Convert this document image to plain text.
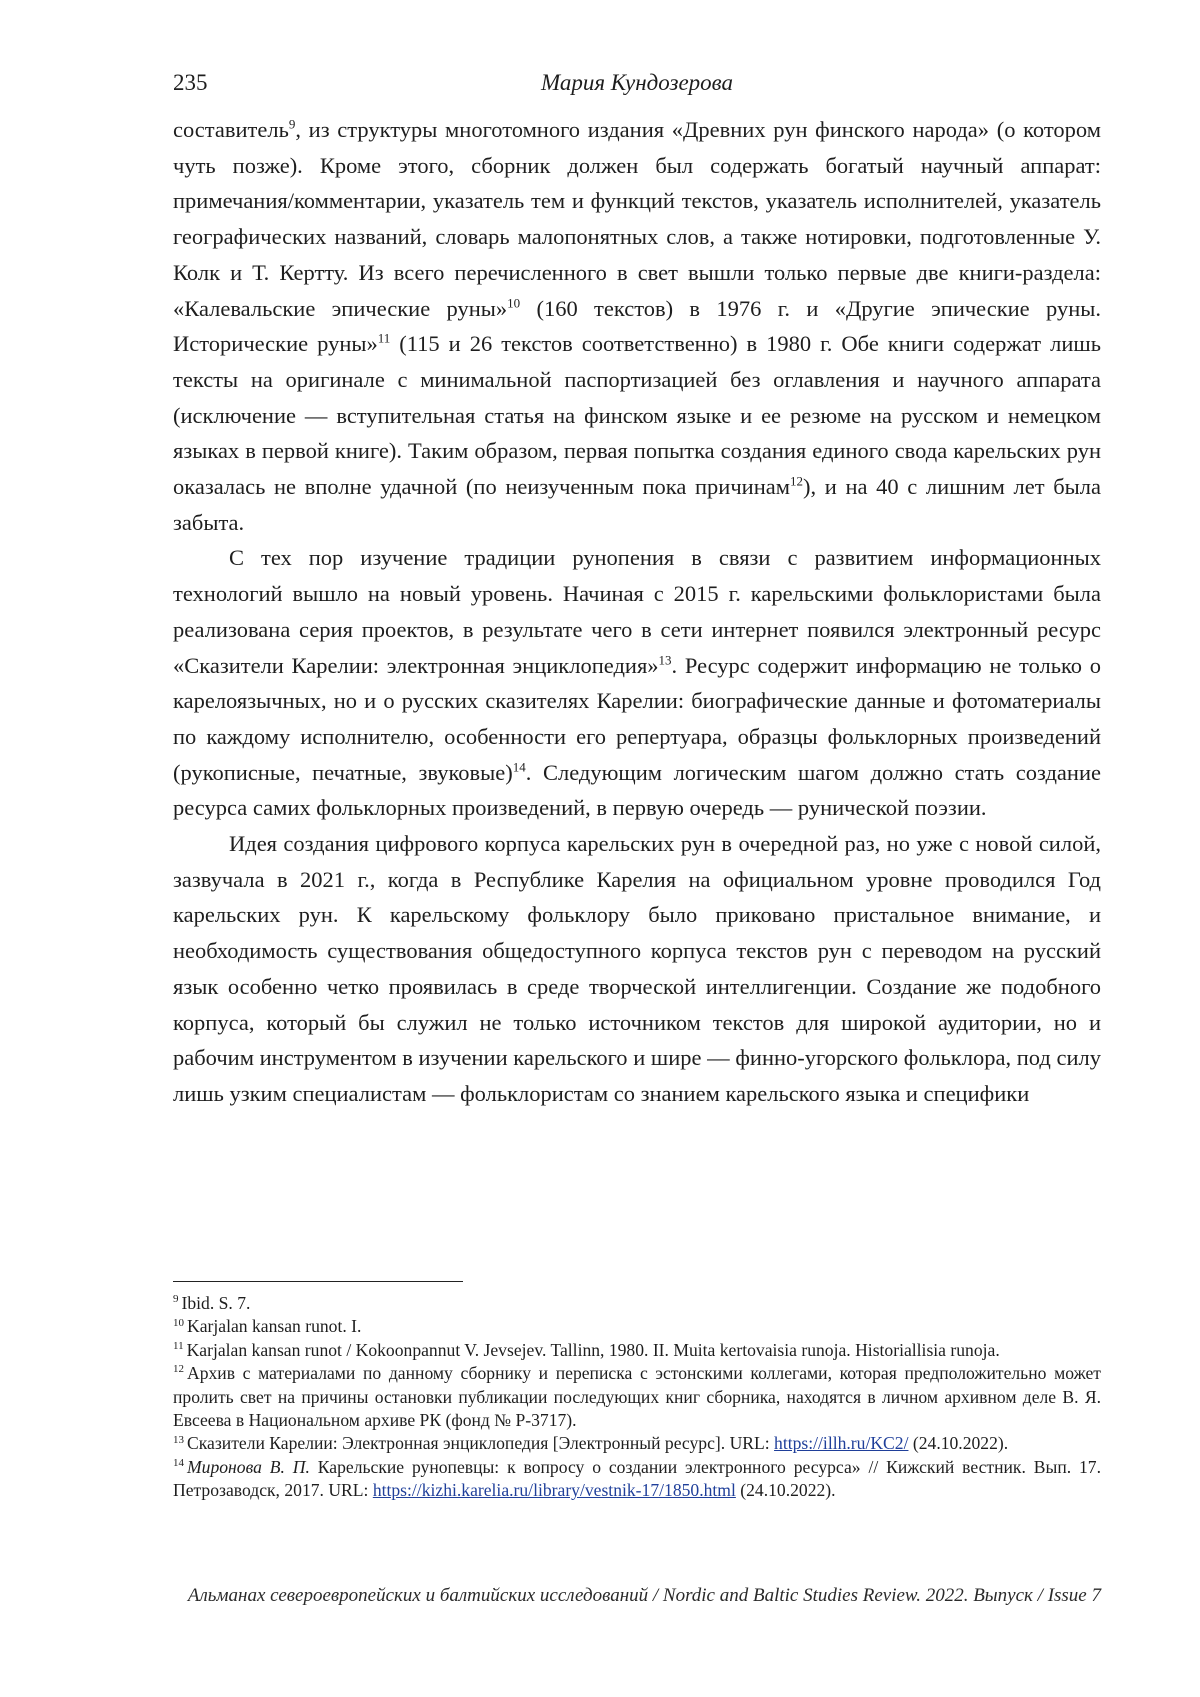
235	Мария Кундозерова

составитель$^9$, из структуры многотомного издания «Древних рун финского народа» (о котором чуть позже). Кроме этого, сборник должен был содержать богатый научный аппарат: примечания/комментарии, указатель тем и функций текстов, указатель исполнителей, указатель географических названий, словарь малопонятных слов, а также нотировки, подготовленные У. Колк и Т. Кертту. Из всего перечисленного в свет вышли только первые две книги-раздела: «Калевальские эпические руны»$^{10}$ (160 текстов) в 1976 г. и «Другие эпические руны. Исторические руны»$^{11}$ (115 и 26 текстов соответственно) в 1980 г. Обе книги содержат лишь тексты на оригинале с минимальной паспортизацией без оглавления и научного аппарата (исключение — вступительная статья на финском языке и ее резюме на русском и немецком языках в первой книге). Таким образом, первая попытка создания единого свода карельских рун оказалась не вполне удачной (по неизученным пока причинам$^{12}$), и на 40 с лишним лет была забыта.

С тех пор изучение традиции рунопения в связи с развитием информационных технологий вышло на новый уровень. Начиная с 2015 г. карельскими фольклористами была реализована серия проектов, в результате чего в сети интернет появился электронный ресурс «Сказители Карелии: электронная энциклопедия»$^{13}$. Ресурс содержит информацию не только о карелоязычных, но и о русских сказителях Карелии: биографические данные и фотоматериалы по каждому исполнителю, особенности его репертуара, образцы фольклорных произведений (рукописные, печатные, звуковые)$^{14}$. Следующим логическим шагом должно стать создание ресурса самих фольклорных произведений, в первую очередь — рунической поэзии.

Идея создания цифрового корпуса карельских рун в очередной раз, но уже с новой силой, зазвучала в 2021 г., когда в Республике Карелия на официальном уровне проводился Год карельских рун. К карельскому фольклору было приковано пристальное внимание, и необходимость существования общедоступного корпуса текстов рун с переводом на русский язык особенно четко проявилась в среде творческой интеллигенции. Создание же подобного корпуса, который бы служил не только источником текстов для широкой аудитории, но и рабочим инструментом в изучении карельского и шире — финно-угорского фольклора, под силу лишь узким специалистам — фольклористам со знанием карельского языка и специфики

$^9$ Ibid. S. 7.

$^{10}$ Karjalan kansan runot. I.

$^{11}$ Karjalan kansan runot / Kokoonpannut V. Jevsejev. Tallinn, 1980. II. Muita kertovaisia runoja. Historiallisia runoja.

$^{12}$ Архив с материалами по данному сборнику и переписка с эстонскими коллегами, которая предположительно может пролить свет на причины остановки публикации последующих книг сборника, находятся в личном архивном деле В. Я. Евсеева в Национальном архиве РК (фонд № Р-3717).

$^{13}$ Сказители Карелии: Электронная энциклопедия [Электронный ресурс]. URL: https://illh.ru/KC2/ (24.10.2022).

$^{14}$ Миронова В. П. Карельские рунопевцы: к вопросу о создании электронного ресурса» // Кижский вестник. Вып. 17. Петрозаводск, 2017. URL: https://kizhi.karelia.ru/library/vestnik-17/1850.html (24.10.2022).

Альманах североевропейских и балтийских исследований / Nordic and Baltic Studies Review. 2022. Выпуск / Issue 7
